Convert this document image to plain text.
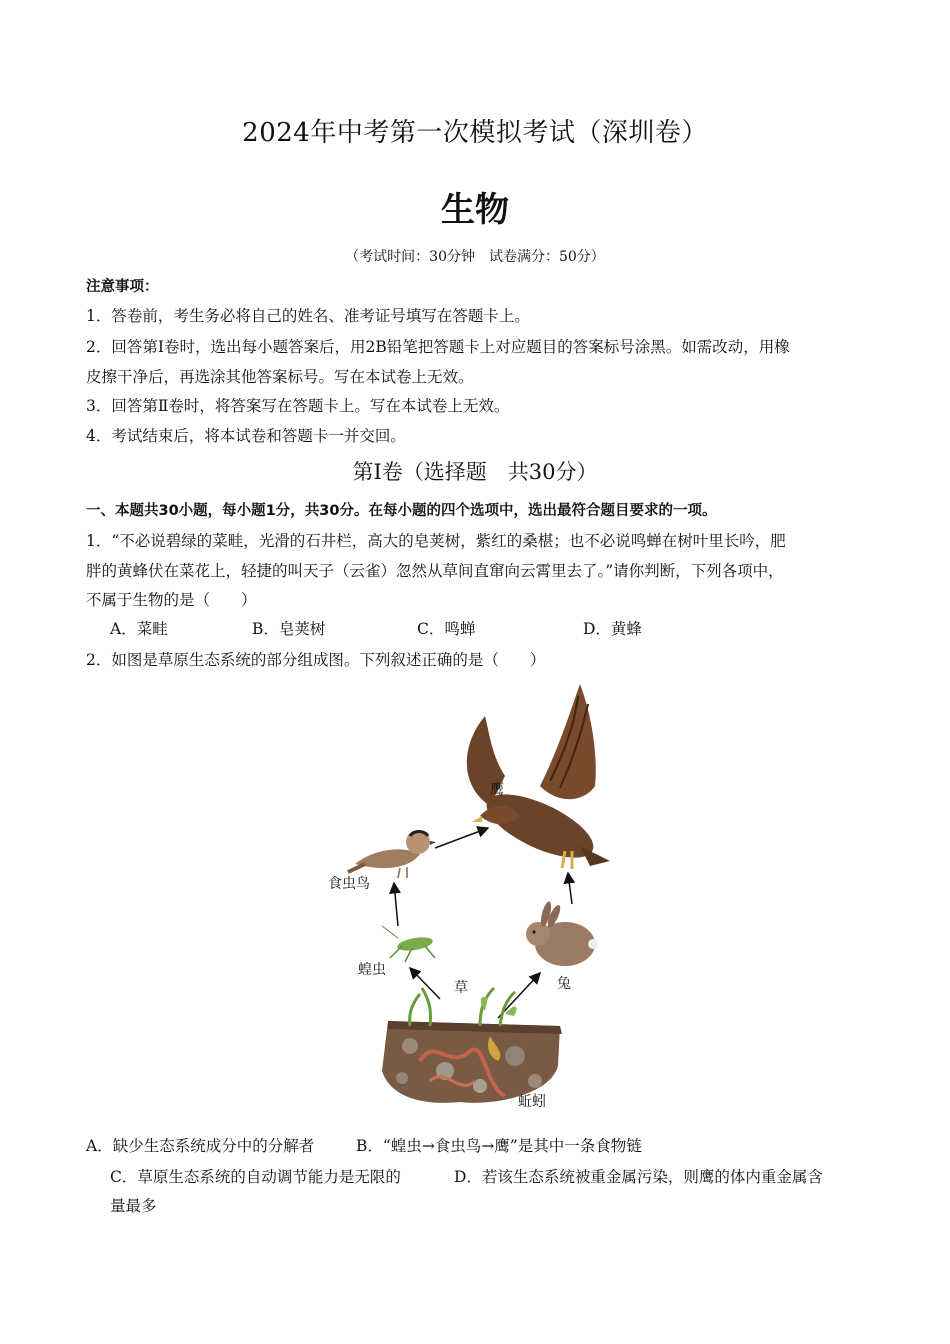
2024年中考第一次模拟考试（深圳卷）
生物
（考试时间：30分钟　试卷满分：50分）
注意事项：
1．答卷前，考生务必将自己的姓名、准考证号填写在答题卡上。
2．回答第Ⅰ卷时，选出每小题答案后，用2B铅笔把答题卡上对应题目的答案标号涂黑。如需改动，用橡
皮擦干净后，再选涂其他答案标号。写在本试卷上无效。
3．回答第Ⅱ卷时，将答案写在答题卡上。写在本试卷上无效。
4．考试结束后，将本试卷和答题卡一并交回。
第Ⅰ卷（选择题　共30分）
一、本题共30小题，每小题1分，共30分。在每小题的四个选项中，选出最符合题目要求的一项。
1．“不必说碧绿的菜畦，光滑的石井栏，高大的皂荚树，紫红的桑椹；也不必说鸣蝉在树叶里长吟，肥
胖的黄蜂伏在菜花上，轻捷的叫天子（云雀）忽然从草间直窜向云霄里去了。”请你判断，下列各项中，
不属于生物的是（　　）
A．菜畦	B．皂荚树	C．鸣蝉	D．黄蜂
2．如图是草原生态系统的部分组成图。下列叙述正确的是（　　）
鹰
食虫鸟
蝗虫
兔
草
蚯蚓
A．缺少生态系统成分中的分解者	B．“蝗虫→食虫鸟→鹰”是其中一条食物链
C．草原生态系统的自动调节能力是无限的	D．若该生态系统被重金属污染，则鹰的体内重金属含
量最多
